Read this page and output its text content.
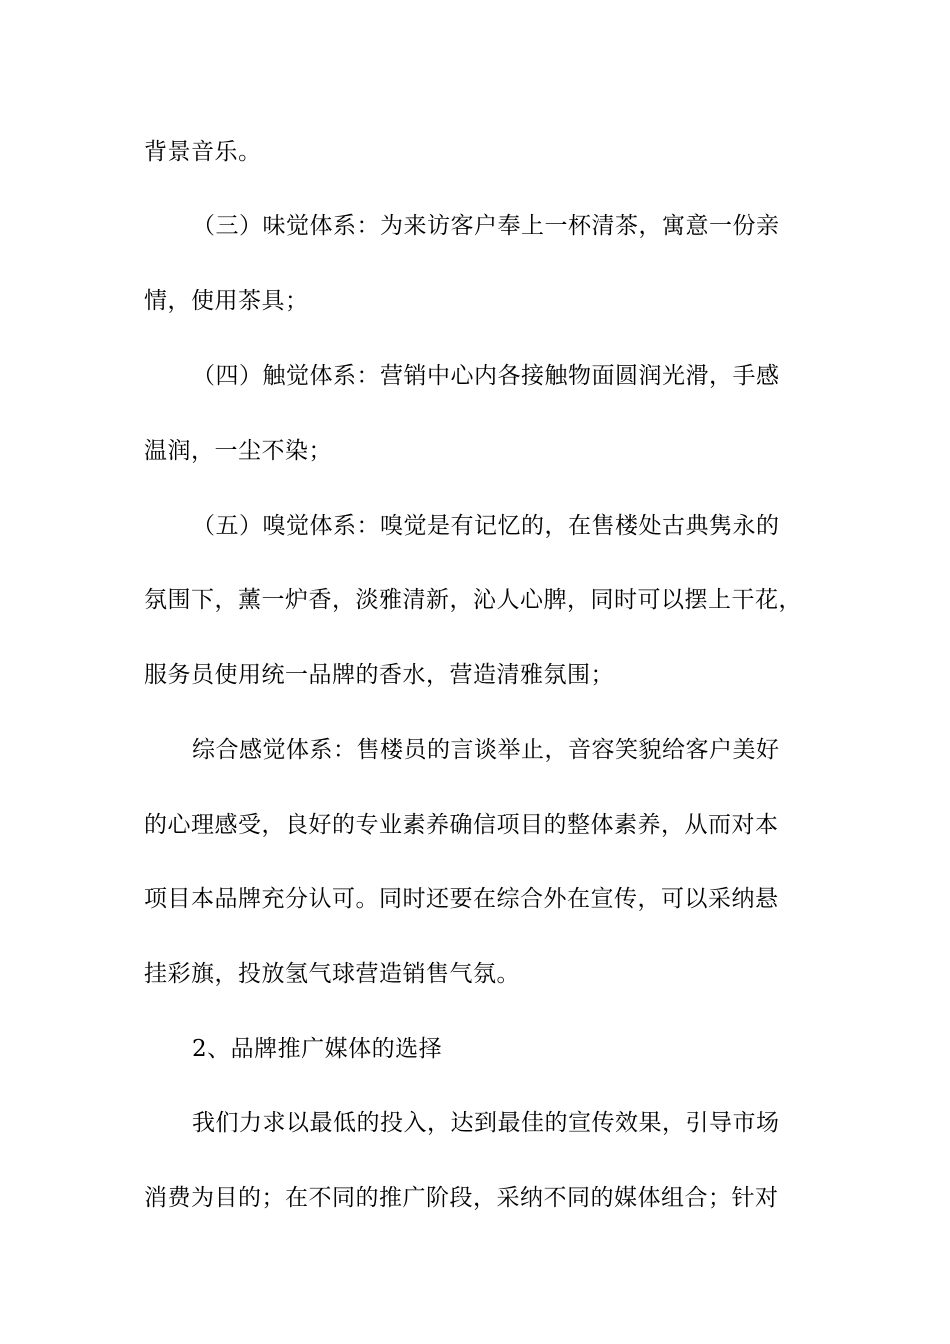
背景音乐。
（三）味觉体系：为来访客户奉上一杯清茶，寓意一份亲
情，使用茶具；
（四）触觉体系：营销中心内各接触物面圆润光滑，手感
温润，一尘不染；
（五）嗅觉体系：嗅觉是有记忆的，在售楼处古典隽永的
氛围下，薰一炉香，淡雅清新，沁人心脾，同时可以摆上干花，
服务员使用统一品牌的香水，营造清雅氛围；
综合感觉体系：售楼员的言谈举止，音容笑貌给客户美好
的心理感受，良好的专业素养确信项目的整体素养，从而对本
项目本品牌充分认可。同时还要在综合外在宣传，可以采纳悬
挂彩旗，投放氢气球营造销售气氛。
2、品牌推广媒体的选择
我们力求以最低的投入，达到最佳的宣传效果，引导市场
消费为目的；在不同的推广阶段，采纳不同的媒体组合；针对
